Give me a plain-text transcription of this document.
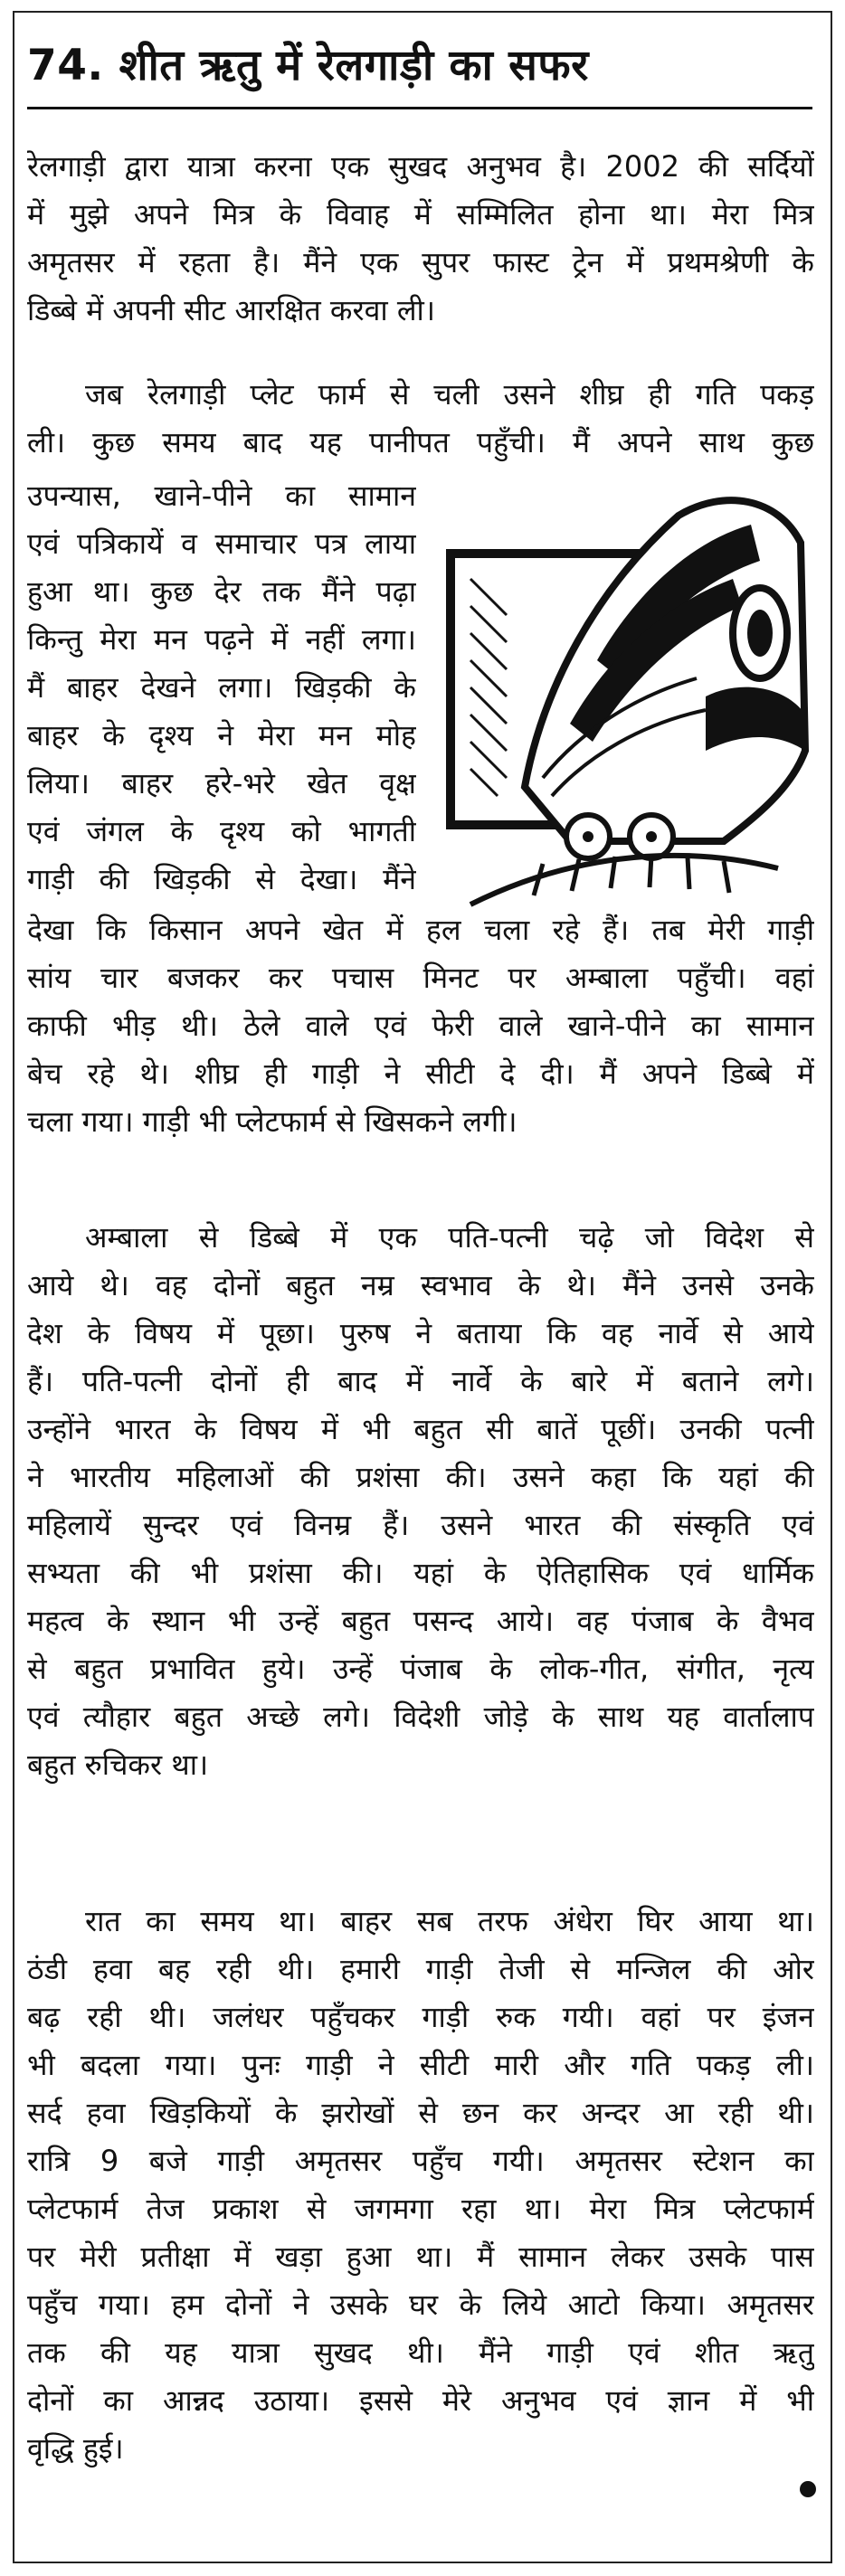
74. शीत ऋतु में रेलगाड़ी का सफर
रेलगाड़ी द्वारा यात्रा करना एक सुखद अनुभव है। 2002 की सर्दियों
में मुझे अपने मित्र के विवाह में सम्मिलित होना था। मेरा मित्र
अमृतसर में रहता है। मैंने एक सुपर फास्ट ट्रेन में प्रथमश्रेणी के
डिब्बे में अपनी सीट आरक्षित करवा ली।
जब रेलगाड़ी प्लेट फार्म से चली उसने शीघ्र ही गति पकड़
ली। कुछ समय बाद यह पानीपत पहुँची। मैं अपने साथ कुछ
उपन्यास, खाने-पीने का सामान
एवं पत्रिकायें व समाचार पत्र लाया
हुआ था। कुछ देर तक मैंने पढ़ा
किन्तु मेरा मन पढ़ने में नहीं लगा।
मैं बाहर देखने लगा। खिड़की के
बाहर के दृश्य ने मेरा मन मोह
लिया। बाहर हरे-भरे खेत वृक्ष
एवं जंगल के दृश्य को भागती
गाड़ी की खिड़की से देखा। मैंने
देखा कि किसान अपने खेत में हल चला रहे हैं। तब मेरी गाड़ी
सांय चार बजकर कर पचास मिनट पर अम्बाला पहुँची। वहां
काफी भीड़ थी। ठेले वाले एवं फेरी वाले खाने-पीने का सामान
बेच रहे थे। शीघ्र ही गाड़ी ने सीटी दे दी। मैं अपने डिब्बे में
चला गया। गाड़ी भी प्लेटफार्म से खिसकने लगी।
अम्बाला से डिब्बे में एक पति-पत्नी चढ़े जो विदेश से
आये थे। वह दोनों बहुत नम्र स्वभाव के थे। मैंने उनसे उनके
देश के विषय में पूछा। पुरुष ने बताया कि वह नार्वे से आये
हैं। पति-पत्नी दोनों ही बाद में नार्वे के बारे में बताने लगे।
उन्होंने भारत के विषय में भी बहुत सी बातें पूछीं। उनकी पत्नी
ने भारतीय महिलाओं की प्रशंसा की। उसने कहा कि यहां की
महिलायें सुन्दर एवं विनम्र हैं। उसने भारत की संस्कृति एवं
सभ्यता की भी प्रशंसा की। यहां के ऐतिहासिक एवं धार्मिक
महत्व के स्थान भी उन्हें बहुत पसन्द आये। वह पंजाब के वैभव
से बहुत प्रभावित हुये। उन्हें पंजाब के लोक-गीत, संगीत, नृत्य
एवं त्यौहार बहुत अच्छे लगे। विदेशी जोड़े के साथ यह वार्तालाप
बहुत रुचिकर था।
रात का समय था। बाहर सब तरफ अंधेरा घिर आया था।
ठंडी हवा बह रही थी। हमारी गाड़ी तेजी से मन्जिल की ओर
बढ़ रही थी। जलंधर पहुँचकर गाड़ी रुक गयी। वहां पर इंजन
भी बदला गया। पुनः गाड़ी ने सीटी मारी और गति पकड़ ली।
सर्द हवा खिड़कियों के झरोखों से छन कर अन्दर आ रही थी।
रात्रि 9 बजे गाड़ी अमृतसर पहुँच गयी। अमृतसर स्टेशन का
प्लेटफार्म तेज प्रकाश से जगमगा रहा था। मेरा मित्र प्लेटफार्म
पर मेरी प्रतीक्षा में खड़ा हुआ था। मैं सामान लेकर उसके पास
पहुँच गया। हम दोनों ने उसके घर के लिये आटो किया। अमृतसर
तक की यह यात्रा सुखद थी। मैंने गाड़ी एवं शीत ऋतु
दोनों का आन्नद उठाया। इससे मेरे अनुभव एवं ज्ञान में भी
वृद्धि हुई।
